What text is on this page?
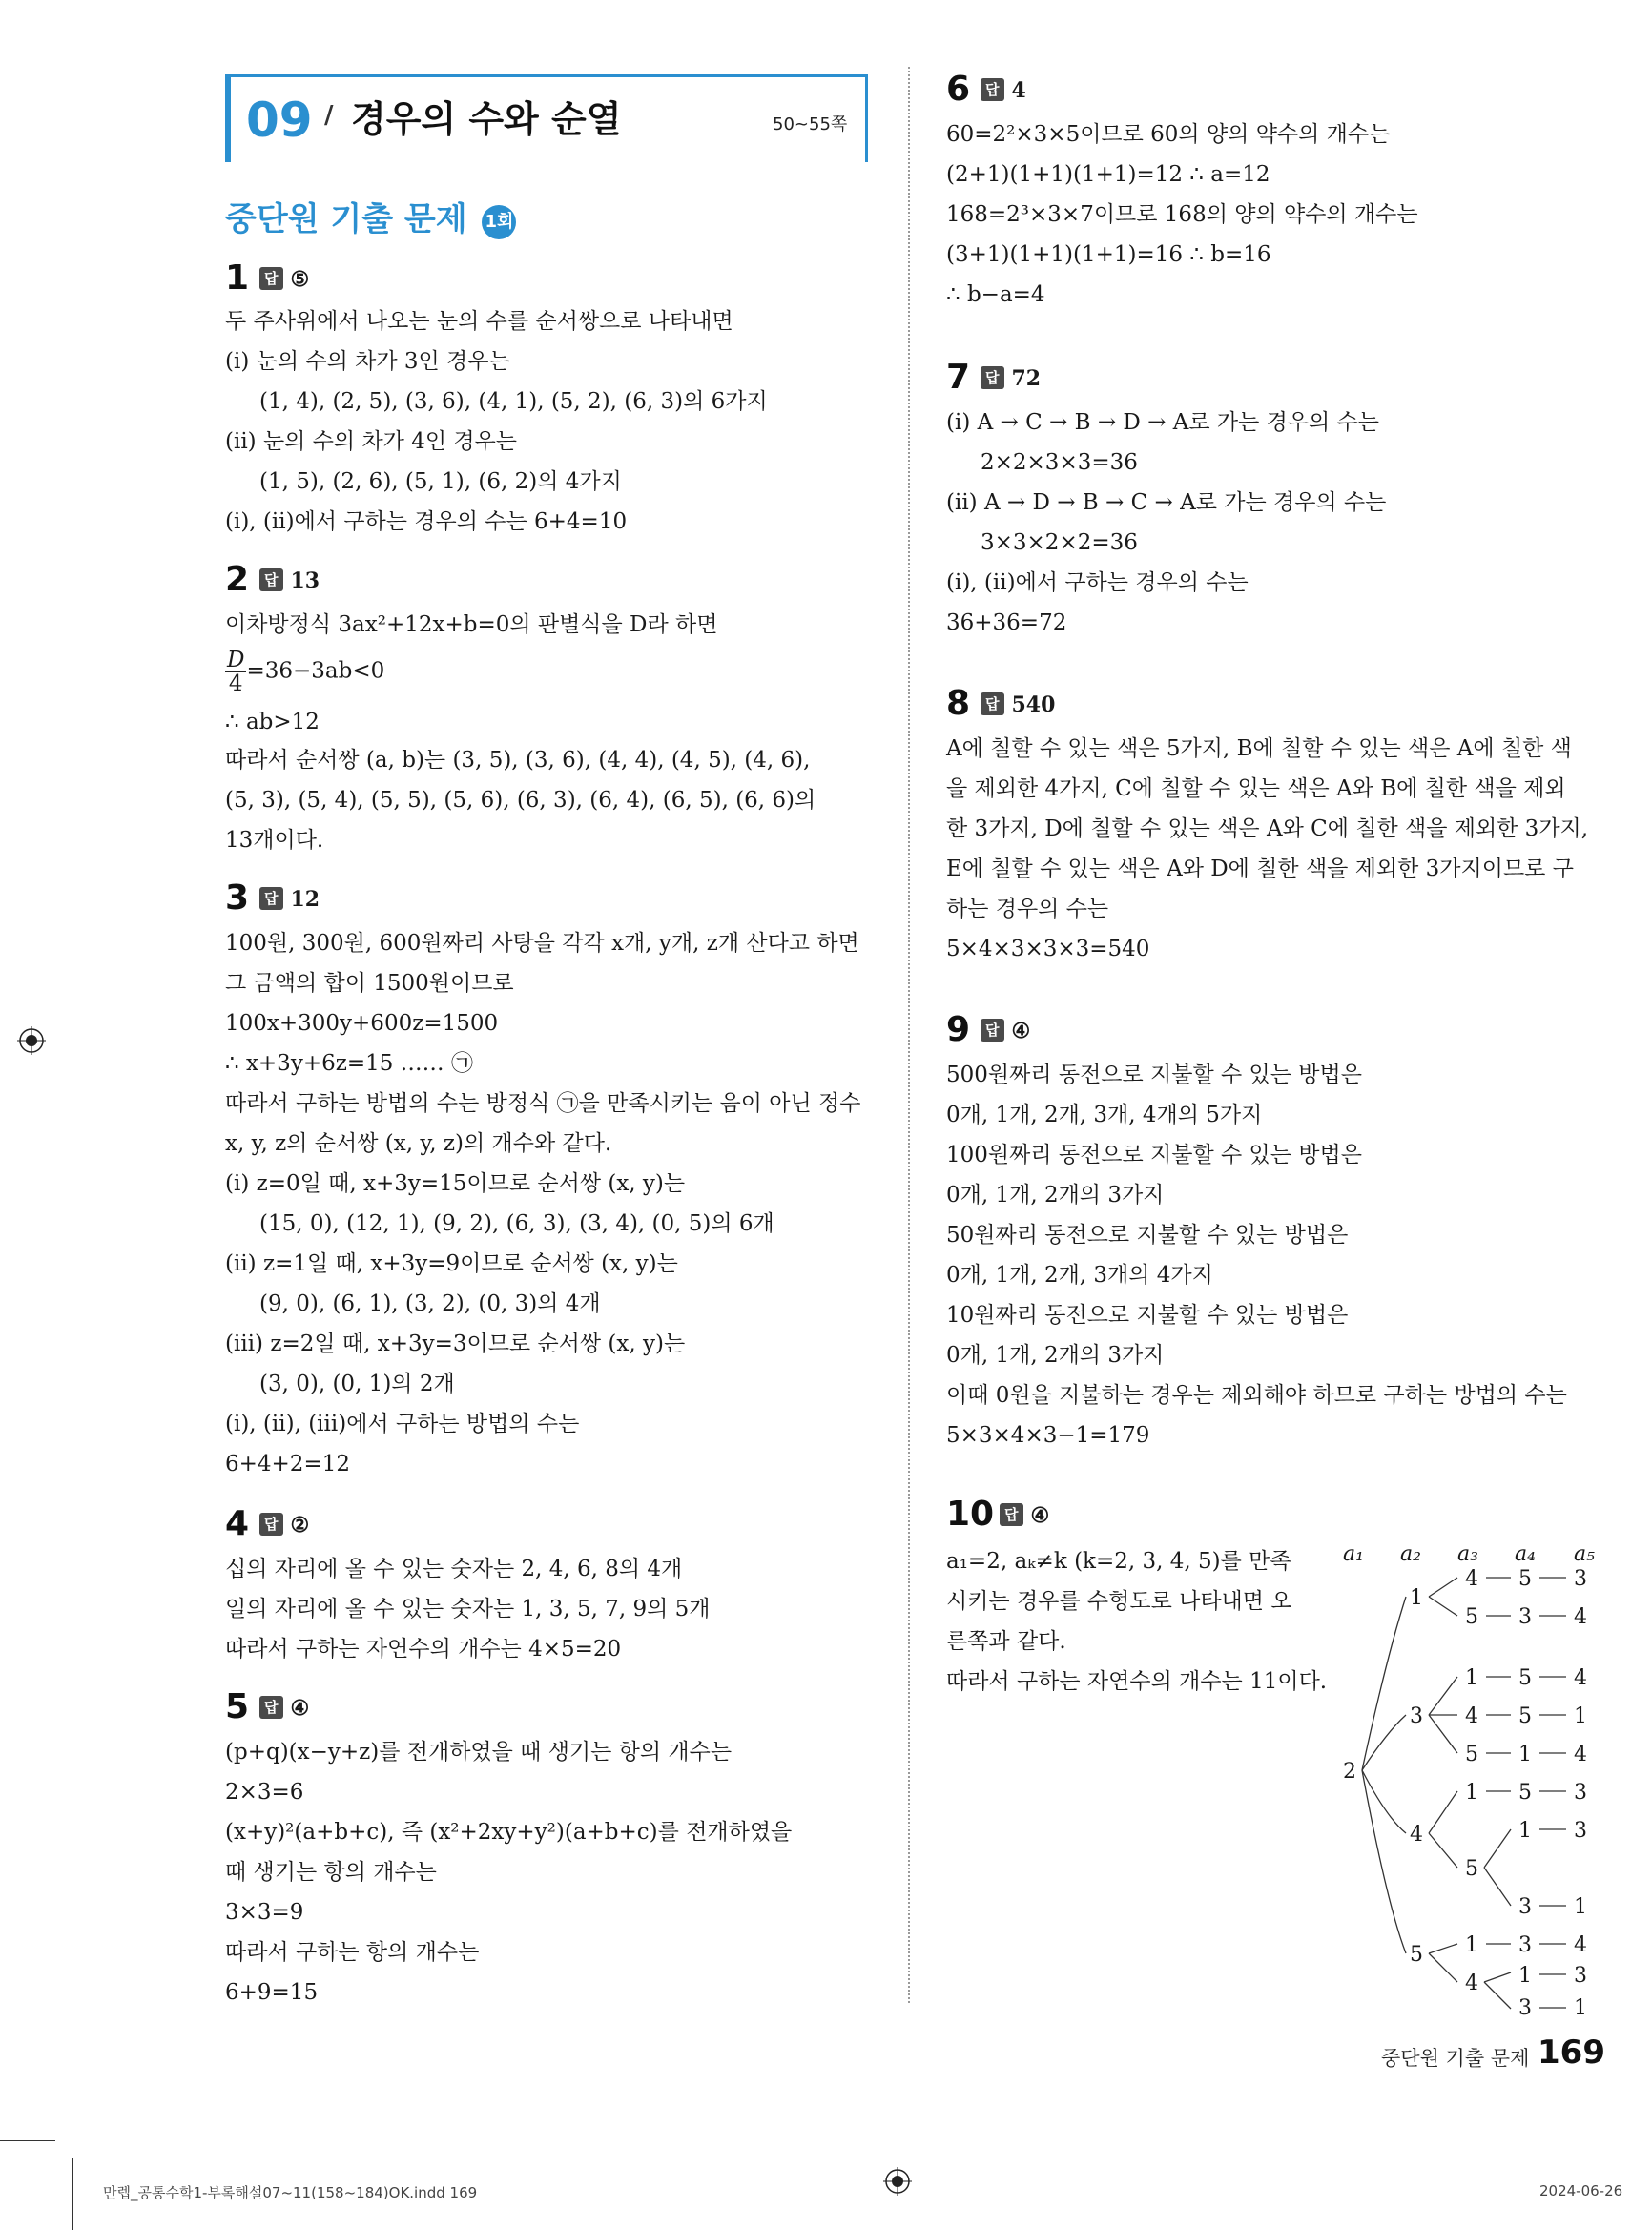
09 / 경우의 수와 순열	50~55쪽
중단원 기출 문제 1회
1	답 ⑤
두 주사위에서 나오는 눈의 수를 순서쌍으로 나타내면
(ⅰ) 눈의 수의 차가 3인 경우는
(1, 4), (2, 5), (3, 6), (4, 1), (5, 2), (6, 3)의 6가지
(ⅱ) 눈의 수의 차가 4인 경우는
(1, 5), (2, 6), (5, 1), (6, 2)의 4가지
(ⅰ), (ⅱ)에서 구하는 경우의 수는 6+4=10
2	답 13
이차방정식 3ax²+12x+b=0의 판별식을 D라 하면
$\frac{D}{4} =36-3ab<0$
∴ ab>12
따라서 순서쌍 (a, b)는 (3, 5), (3, 6), (4, 4), (4, 5), (4, 6),
(5, 3), (5, 4), (5, 5), (5, 6), (6, 3), (6, 4), (6, 5), (6, 6)의
13개이다.
3	답 12
100원, 300원, 600원짜리 사탕을 각각 x개, y개, z개 산다고 하면
그 금액의 합이 1500원이므로
100x+300y+600z=1500
∴ x+3y+6z=15 …… ㉠
따라서 구하는 방법의 수는 방정식 ㉠을 만족시키는 음이 아닌 정수
x, y, z의 순서쌍 (x, y, z)의 개수와 같다.
(ⅰ) z=0일 때, x+3y=15이므로 순서쌍 (x, y)는
(15, 0), (12, 1), (9, 2), (6, 3), (3, 4), (0, 5)의 6개
(ⅱ) z=1일 때, x+3y=9이므로 순서쌍 (x, y)는
(9, 0), (6, 1), (3, 2), (0, 3)의 4개
(ⅲ) z=2일 때, x+3y=3이므로 순서쌍 (x, y)는
(3, 0), (0, 1)의 2개
(ⅰ), (ⅱ), (ⅲ)에서 구하는 방법의 수는
6+4+2=12
4	답 ②
십의 자리에 올 수 있는 숫자는 2, 4, 6, 8의 4개
일의 자리에 올 수 있는 숫자는 1, 3, 5, 7, 9의 5개
따라서 구하는 자연수의 개수는 4×5=20
5	답 ④
(p+q)(x−y+z)를 전개하였을 때 생기는 항의 개수는
2×3=6
(x+y)²(a+b+c), 즉 (x²+2xy+y²)(a+b+c)를 전개하였을
때 생기는 항의 개수는
3×3=9
따라서 구하는 항의 개수는
6+9=15
6	답 4
60=2²×3×5이므로 60의 양의 약수의 개수는
(2+1)(1+1)(1+1)=12 ∴ a=12
168=2³×3×7이므로 168의 양의 약수의 개수는
(3+1)(1+1)(1+1)=16 ∴ b=16
∴ b−a=4
7	답 72
(ⅰ) A → C → B → D → A로 가는 경우의 수는
2×2×3×3=36
(ⅱ) A → D → B → C → A로 가는 경우의 수는
3×3×2×2=36
(ⅰ), (ⅱ)에서 구하는 경우의 수는
36+36=72
8	답 540
A에 칠할 수 있는 색은 5가지, B에 칠할 수 있는 색은 A에 칠한 색
을 제외한 4가지, C에 칠할 수 있는 색은 A와 B에 칠한 색을 제외
한 3가지, D에 칠할 수 있는 색은 A와 C에 칠한 색을 제외한 3가지,
E에 칠할 수 있는 색은 A와 D에 칠한 색을 제외한 3가지이므로 구
하는 경우의 수는
5×4×3×3×3=540
9	답 ④
500원짜리 동전으로 지불할 수 있는 방법은
0개, 1개, 2개, 3개, 4개의 5가지
100원짜리 동전으로 지불할 수 있는 방법은
0개, 1개, 2개의 3가지
50원짜리 동전으로 지불할 수 있는 방법은
0개, 1개, 2개, 3개의 4가지
10원짜리 동전으로 지불할 수 있는 방법은
0개, 1개, 2개의 3가지
이때 0원을 지불하는 경우는 제외해야 하므로 구하는 방법의 수는
5×3×4×3−1=179
10 답 ④
a₁=2, aₖ≠k (k=2, 3, 4, 5)를 만족
시키는 경우를 수형도로 나타내면 오
른쪽과 같다.
따라서 구하는 자연수의 개수는 11이다.
a₁ a₂ a₃ a₄ a₅
2
1
3
4
5
4 5 3
5 3 4
1 5 4
4 5 1
5 1 4
1 5 3
5
1 3
3 1
1 3 4
4 1 3
3 1
중단원 기출 문제 169
만렙_공통수학1-부록해설07~11(158~184)OK.indd 169	2024-06-26
